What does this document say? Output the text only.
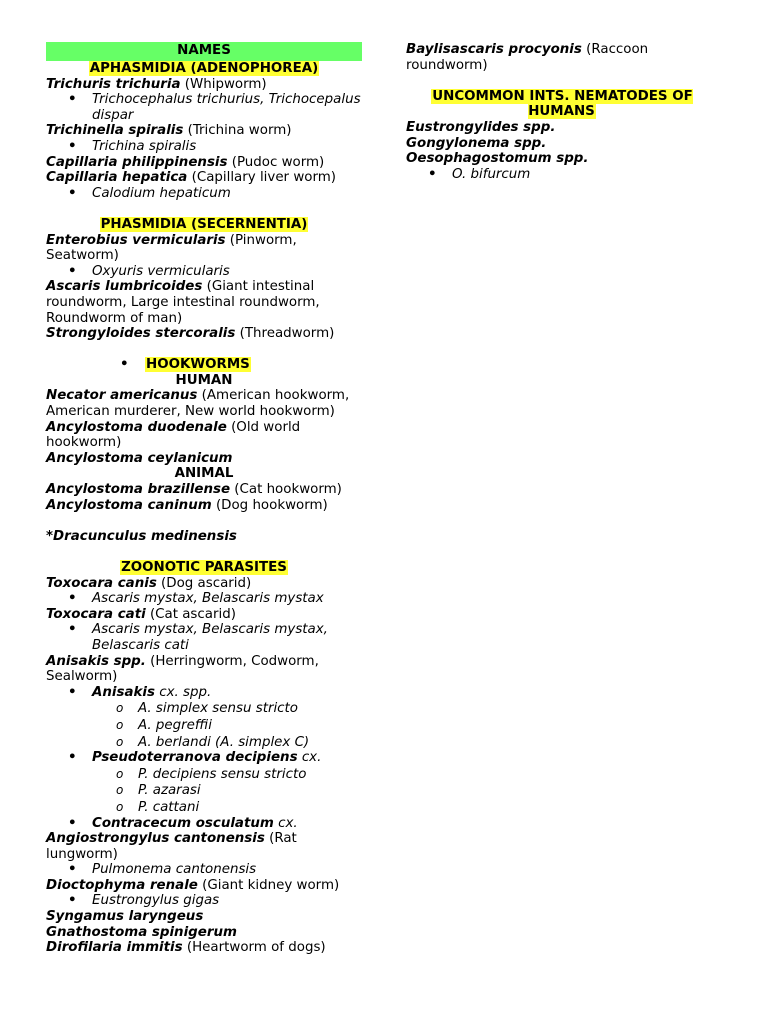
NAMES
APHASMIDIA (ADENOPHOREA)
Trichuris trichuria (Whipworm)
• Trichocephalus trichurius, Trichocepalus dispar
Trichinella spiralis (Trichina worm)
• Trichina spiralis
Capillaria philippinensis (Pudoc worm)
Capillaria hepatica (Capillary liver worm)
• Calodium hepaticum
PHASMIDIA (SECERNENTIA)
Enterobius vermicularis (Pinworm, Seatworm)
• Oxyuris vermicularis
Ascaris lumbricoides (Giant intestinal roundworm, Large intestinal roundworm, Roundworm of man)
Strongyloides stercoralis (Threadworm)
• HOOKWORMS
HUMAN
Necator americanus (American hookworm, American murderer, New world hookworm)
Ancylostoma duodenale (Old world hookworm)
Ancylostoma ceylanicum
ANIMAL
Ancylostoma brazillense (Cat hookworm)
Ancylostoma caninum (Dog hookworm)
*Dracunculus medinensis
ZOONOTIC PARASITES
Toxocara canis (Dog ascarid)
• Ascaris mystax, Belascaris mystax
Toxocara cati (Cat ascarid)
• Ascaris mystax, Belascaris mystax, Belascaris cati
Anisakis spp. (Herringworm, Codworm, Sealworm)
• Anisakis cx. spp.
o A. simplex sensu stricto
o A. pegreffii
o A. berlandi (A. simplex C)
• Pseudoterranova decipiens cx.
o P. decipiens sensu stricto
o P. azarasi
o P. cattani
• Contracecum osculatum cx.
Angiostrongylus cantonensis (Rat lungworm)
• Pulmonema cantonensis
Dioctophyma renale (Giant kidney worm)
• Eustrongylus gigas
Syngamus laryngeus
Gnathostoma spinigerum
Dirofilaria immitis (Heartworm of dogs)
Baylisascaris procyonis (Raccoon roundworm)
UNCOMMON INTS. NEMATODES OF HUMANS
Eustrongylides spp.
Gongylonema spp.
Oesophagostomum spp.
• O. bifurcum
